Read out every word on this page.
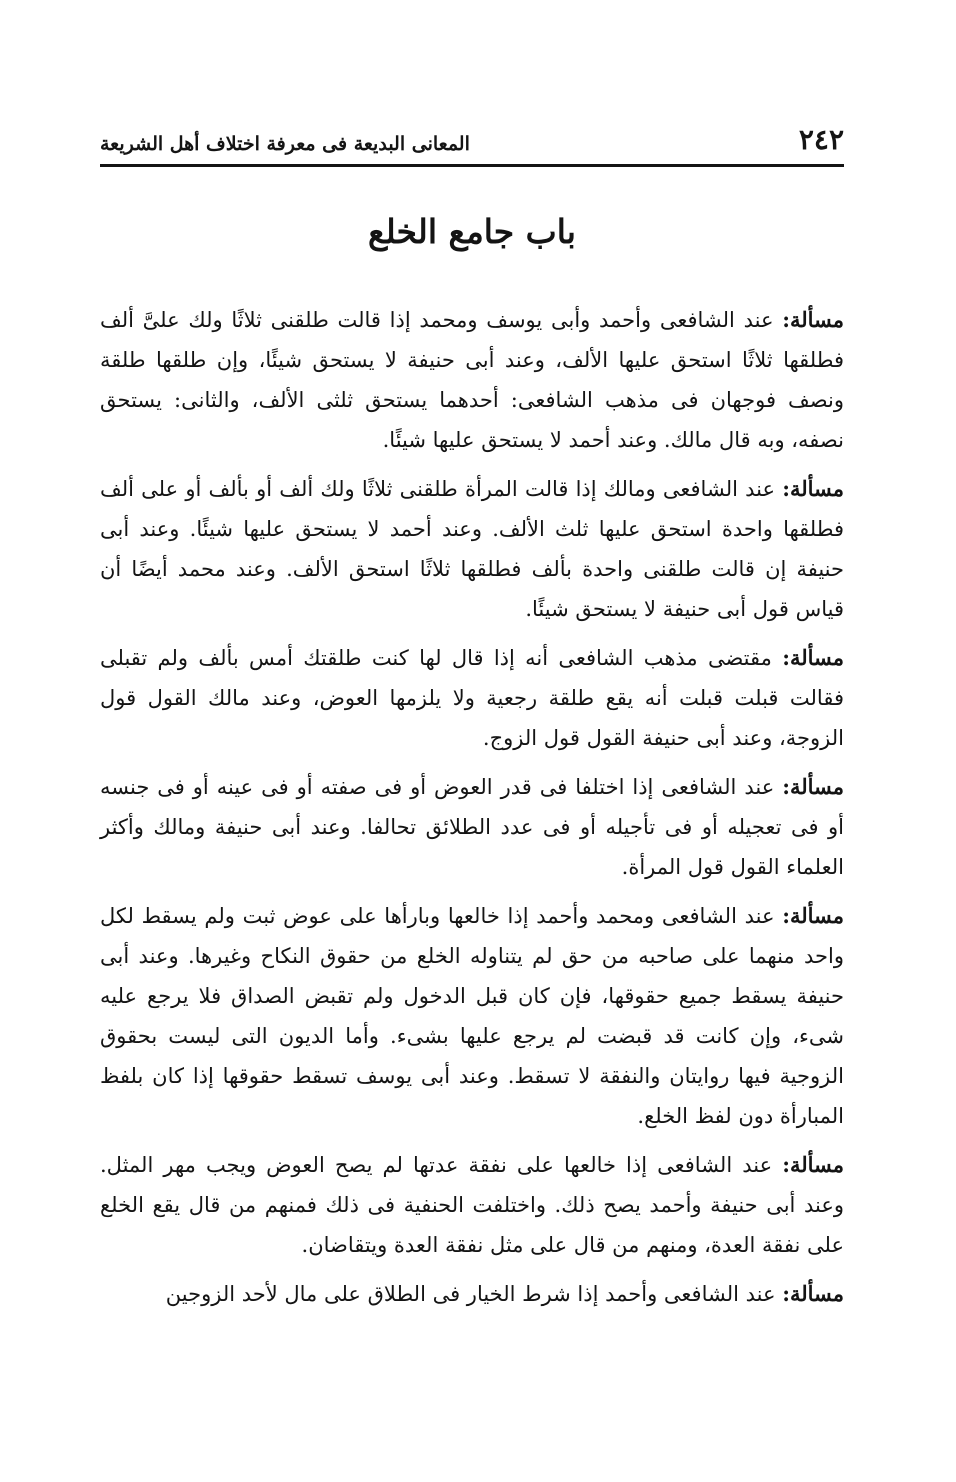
٢٤٢
المعانى البديعة فى معرفة اختلاف أهل الشريعة
باب جامع الخلع

مسألة: عند الشافعى وأحمد وأبى يوسف ومحمد إذا قالت طلقنى ثلاثًا ولك علىَّ ألف فطلقها ثلاثًا استحق عليها الألف، وعند أبى حنيفة لا يستحق شيئًا، وإن طلقها طلقة ونصف فوجهان فى مذهب الشافعى: أحدهما يستحق ثلثى الألف، والثانى: يستحق نصفه، وبه قال مالك. وعند أحمد لا يستحق عليها شيئًا.

مسألة: عند الشافعى ومالك إذا قالت المرأة طلقنى ثلاثًا ولك ألف أو بألف أو على ألف فطلقها واحدة استحق عليها ثلث الألف. وعند أحمد لا يستحق عليها شيئًا. وعند أبى حنيفة إن قالت طلقنى واحدة بألف فطلقها ثلاثًا استحق الألف. وعند محمد أيضًا أن قياس قول أبى حنيفة لا يستحق شيئًا.

مسألة: مقتضى مذهب الشافعى أنه إذا قال لها كنت طلقتك أمس بألف ولم تقبلى فقالت قبلت قبلت أنه يقع طلقة رجعية ولا يلزمها العوض، وعند مالك القول قول الزوجة، وعند أبى حنيفة القول قول الزوج.

مسألة: عند الشافعى إذا اختلفا فى قدر العوض أو فى صفته أو فى عينه أو فى جنسه أو فى تعجيله أو فى تأجيله أو فى عدد الطلائق تحالفا. وعند أبى حنيفة ومالك وأكثر العلماء القول قول المرأة.

مسألة: عند الشافعى ومحمد وأحمد إذا خالعها وبارأها على عوض ثبت ولم يسقط لكل واحد منهما على صاحبه من حق لم يتناوله الخلع من حقوق النكاح وغيرها. وعند أبى حنيفة يسقط جميع حقوقها، فإن كان قبل الدخول ولم تقبض الصداق فلا يرجع عليه شىء، وإن كانت قد قبضت لم يرجع عليها بشىء. وأما الديون التى ليست بحقوق الزوجية فيها روايتان والنفقة لا تسقط. وعند أبى يوسف تسقط حقوقها إذا كان بلفظ المبارأة دون لفظ الخلع.

مسألة: عند الشافعى إذا خالعها على نفقة عدتها لم يصح العوض ويجب مهر المثل. وعند أبى حنيفة وأحمد يصح ذلك. واختلفت الحنفية فى ذلك فمنهم من قال يقع الخلع على نفقة العدة، ومنهم من قال على مثل نفقة العدة ويتقاضان.

مسألة: عند الشافعى وأحمد إذا شرط الخيار فى الطلاق على مال لأحد الزوجين
